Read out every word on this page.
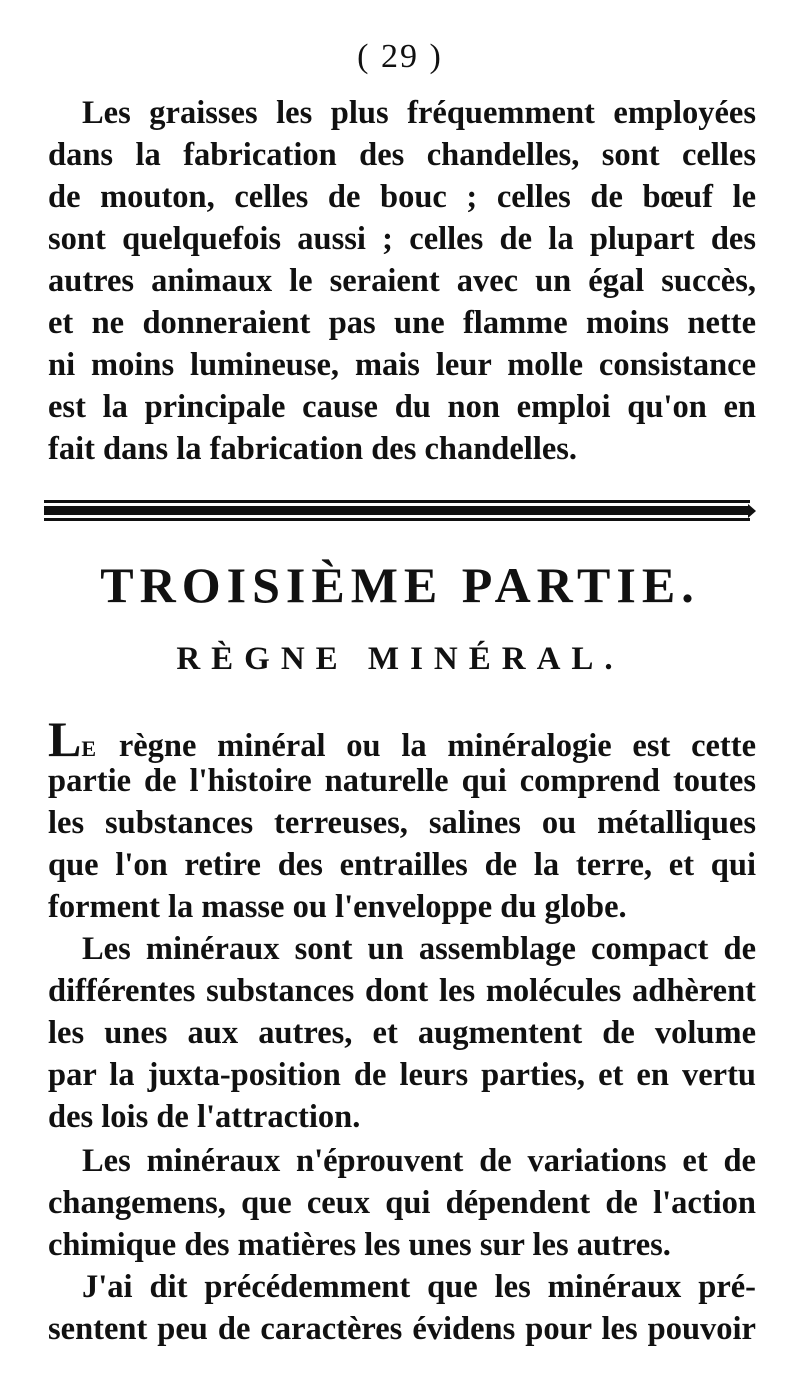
( 29 )
Les graisses les plus fréquemment employées
dans la fabrication des chandelles, sont celles
de mouton, celles de bouc ; celles de bœuf le
sont quelquefois aussi ; celles de la plupart des
autres animaux le seraient avec un égal succès,
et ne donneraient pas une flamme moins nette
ni moins lumineuse, mais leur molle consistance
est la principale cause du non emploi qu'on en
fait dans la fabrication des chandelles.
TROISIÈME PARTIE.
RÈGNE MINÉRAL.
LE règne minéral ou la minéralogie est cette
partie de l'histoire naturelle qui comprend toutes
les substances terreuses, salines ou métalliques
que l'on retire des entrailles de la terre, et qui
forment la masse ou l'enveloppe du globe.
Les minéraux sont un assemblage compact de
différentes substances dont les molécules adhèrent
les unes aux autres, et augmentent de volume
par la juxta-position de leurs parties, et en vertu
des lois de l'attraction.
Les minéraux n'éprouvent de variations et de
changemens, que ceux qui dépendent de l'action
chimique des matières les unes sur les autres.
J'ai dit précédemment que les minéraux pré-
sentent peu de caractères évidens pour les pouvoir
